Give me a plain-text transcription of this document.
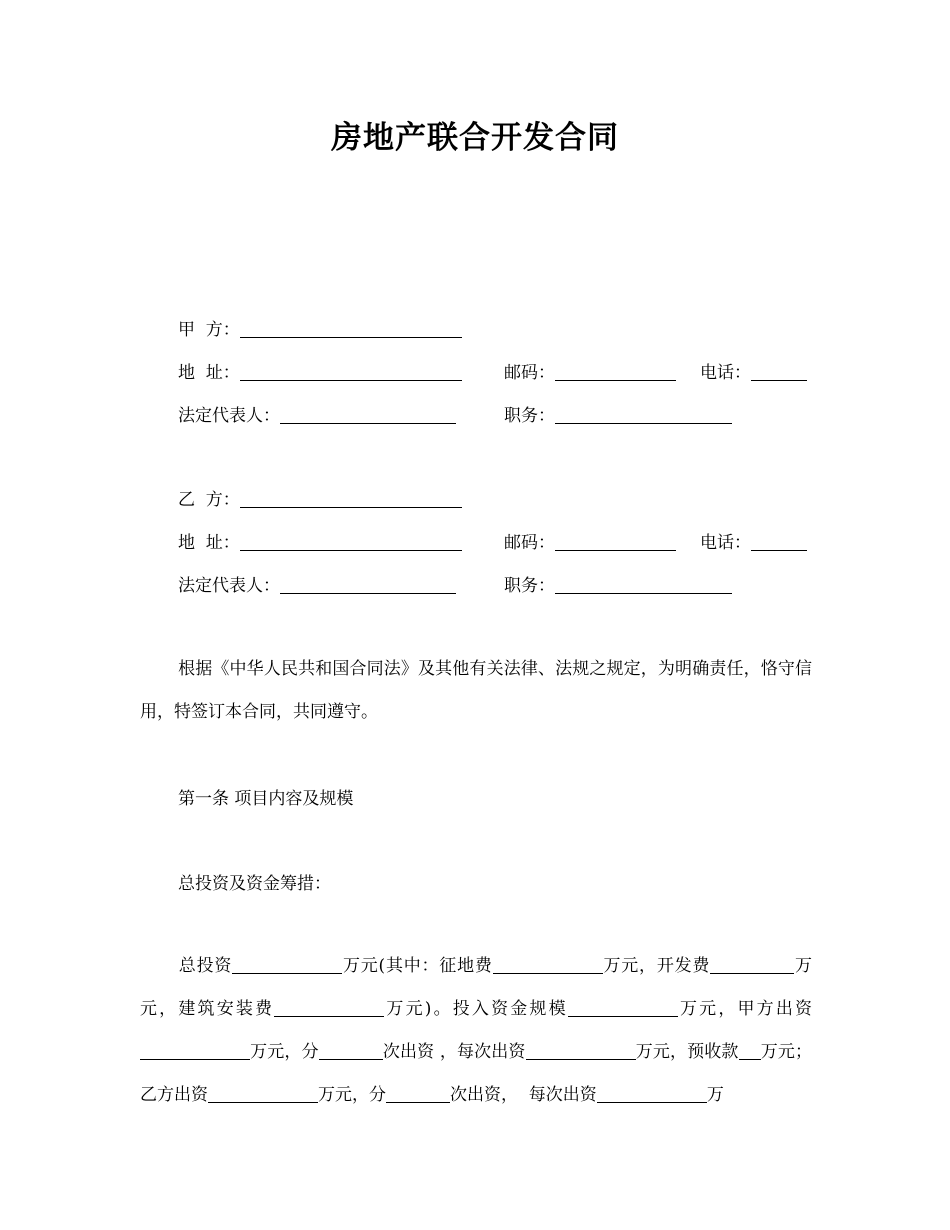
房地产联合开发合同
甲  方：
地  址：	邮码：	电话：
法定代表人：	职务：
乙  方：
地  址：	邮码：	电话：
法定代表人：	职务：
根据《中华人民共和国合同法》及其他有关法律、法规之规定，为明确责任，恪守信用，特签订本合同，共同遵守。
第一条 项目内容及规模
总投资及资金筹措：
总投资	万元(其中：征地费	万元，开发费	万元，建筑安装费	万元)。投入资金规模	万元，甲方出资万元，分	次出资 ，每次出资	万元，预收款 万元；乙方出资	万元，分	次出资，  每次出资	万
